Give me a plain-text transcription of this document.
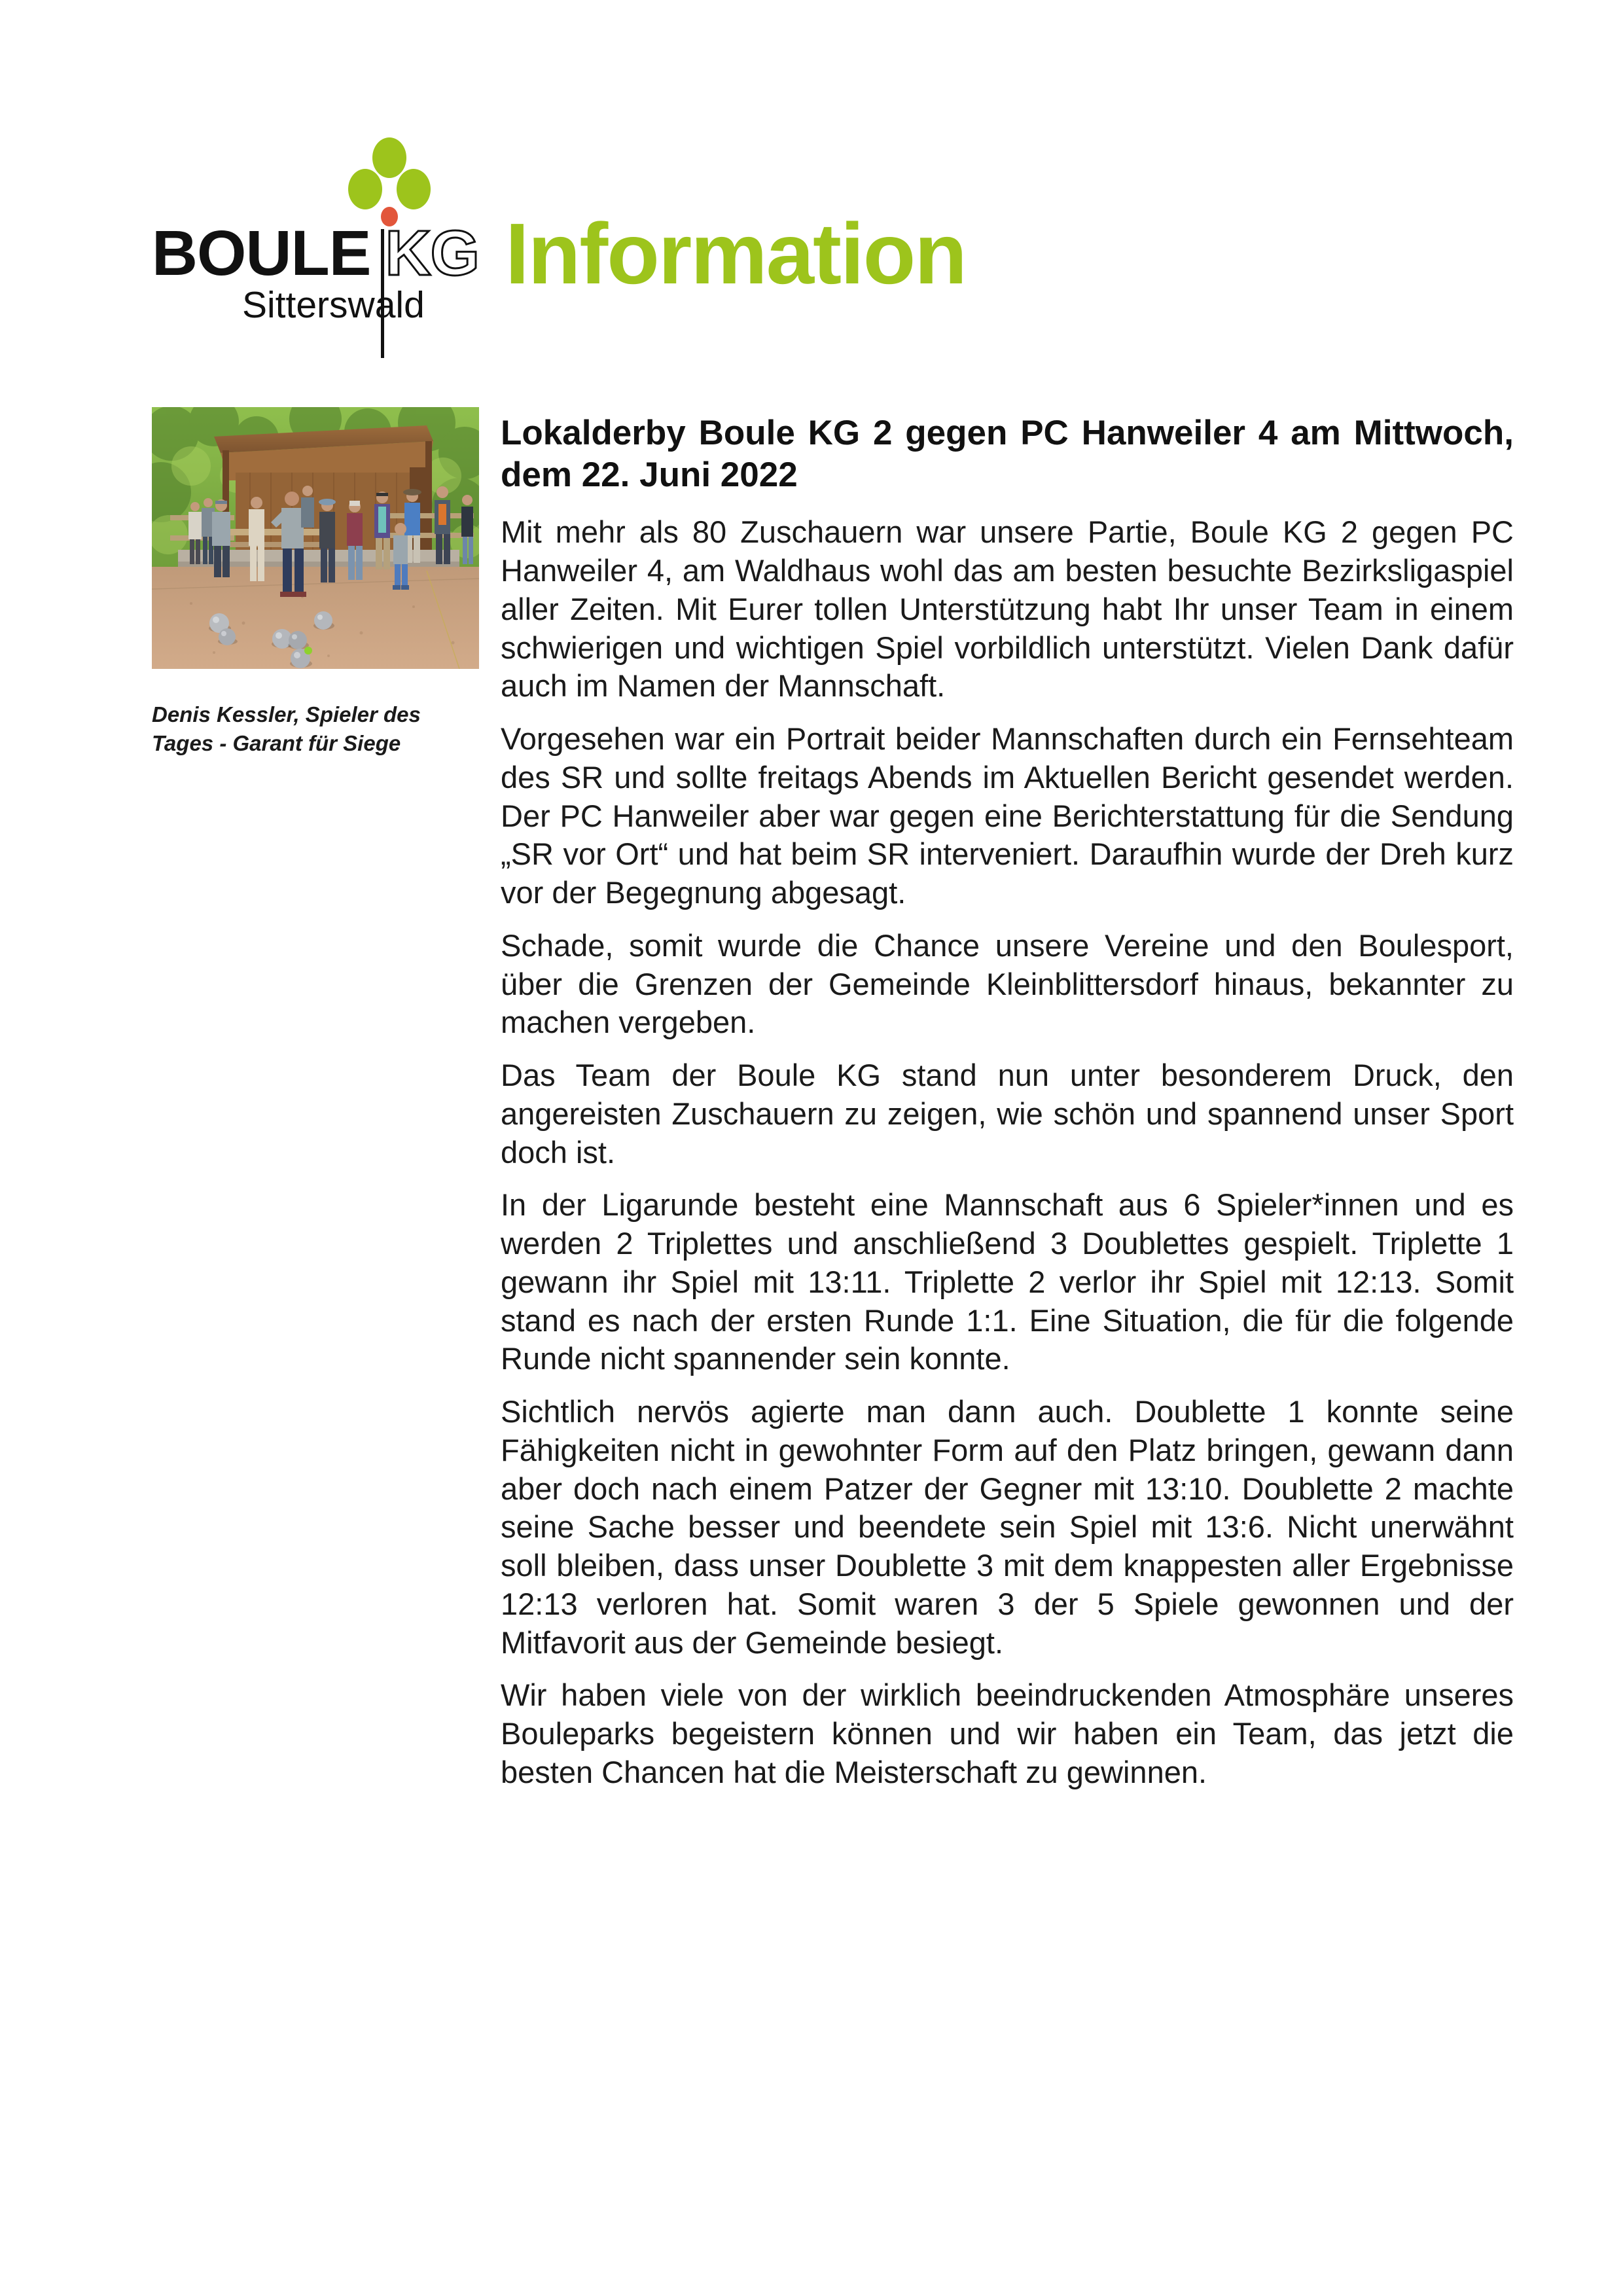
BOULE KG
Sitterswald
Information
Denis Kessler, Spieler des Tages - Garant für Siege
Lokalderby Boule KG 2 gegen PC Hanweiler 4 am Mittwoch, dem 22. Juni 2022

Mit mehr als 80 Zuschauern war unsere Partie, Boule KG 2 gegen PC Hanweiler 4, am Waldhaus wohl das am besten besuchte Bezirksligaspiel aller Zeiten. Mit Eurer tollen Unterstützung habt Ihr unser Team in einem schwierigen und wichtigen Spiel vorbildlich unterstützt. Vielen Dank dafür auch im Namen der Mannschaft.

Vorgesehen war ein Portrait beider Mannschaften durch ein Fernsehteam des SR und sollte freitags Abends im Aktuellen Bericht gesendet werden. Der PC Hanweiler aber war gegen eine Berichterstattung für die Sendung „SR vor Ort“ und hat beim SR interveniert. Daraufhin wurde der Dreh kurz vor der Begegnung abgesagt.

Schade, somit wurde die Chance unsere Vereine und den Boulesport, über die Grenzen der Gemeinde Kleinblittersdorf hinaus, bekannter zu machen vergeben.

Das Team der Boule KG stand nun unter besonderem Druck, den angereisten Zuschauern zu zeigen, wie schön und spannend unser Sport doch ist.

In der Ligarunde besteht eine Mannschaft aus 6 Spieler*innen und es werden 2 Triplettes und anschließend 3 Doublettes gespielt. Triplette 1 gewann ihr Spiel mit 13:11. Triplette 2 verlor ihr Spiel mit 12:13. Somit stand es nach der ersten Runde 1:1. Eine Situation, die für die folgende Runde nicht spannender sein konnte.

Sichtlich nervös agierte man dann auch. Doublette 1 konnte seine Fähigkeiten nicht in gewohnter Form auf den Platz bringen, gewann dann aber doch nach einem Patzer der Gegner mit 13:10. Doublette 2 machte seine Sache besser und beendete sein Spiel mit 13:6. Nicht unerwähnt soll bleiben, dass unser Doublette 3 mit dem knappesten aller Ergebnisse 12:13 verloren hat. Somit waren 3 der 5 Spiele gewonnen und der Mitfavorit aus der Gemeinde besiegt.

Wir haben viele von der wirklich beeindruckenden Atmosphäre unseres Bouleparks begeistern können und wir haben ein Team, das jetzt die besten Chancen hat die Meisterschaft zu gewinnen.
